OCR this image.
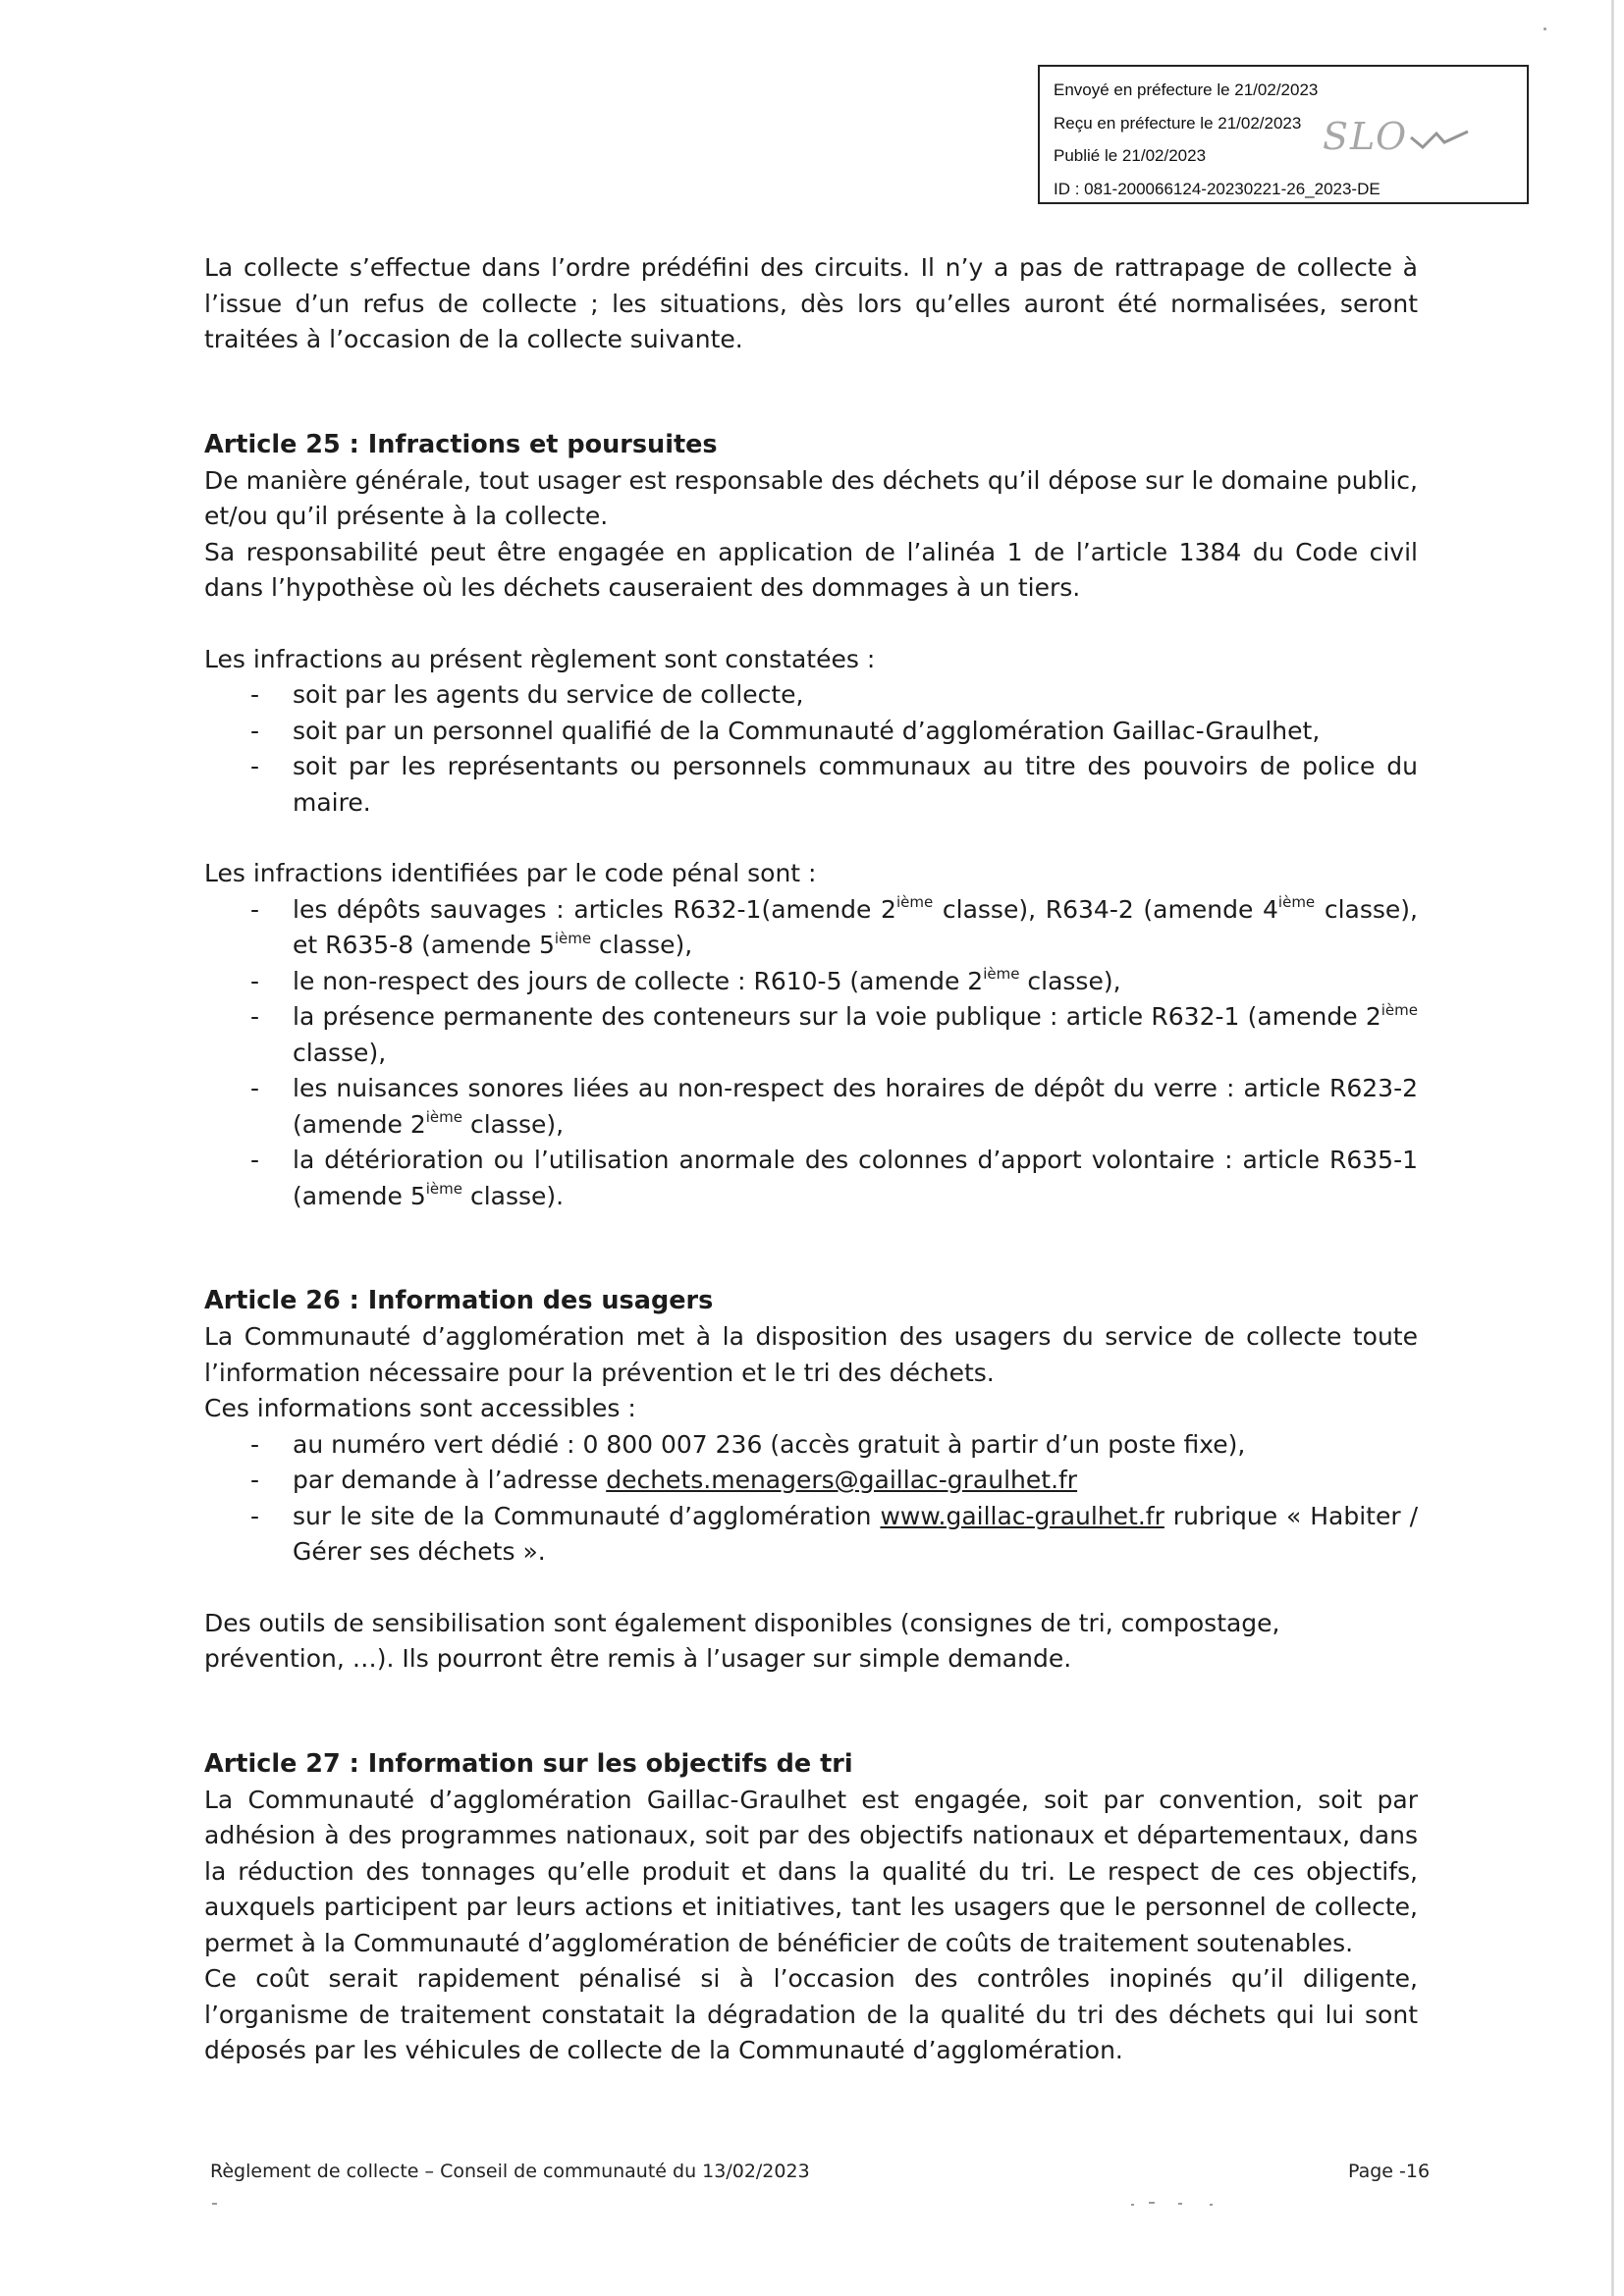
Envoyé en préfecture le 21/02/2023
Reçu en préfecture le 21/02/2023
Publié le 21/02/2023
ID : 081-200066124-20230221-26_2023-DE
S L O

La collecte s’effectue dans l’ordre prédéfini des circuits. Il n’y a pas de rattrapage de collecte à l’issue d’un refus de collecte ; les situations, dès lors qu’elles auront été normalisées, seront traitées à l’occasion de la collecte suivante.

Article 25 : Infractions et poursuites

De manière générale, tout usager est responsable des déchets qu’il dépose sur le domaine public, et/ou qu’il présente à la collecte.

Sa responsabilité peut être engagée en application de l’alinéa 1 de l’article 1384 du Code civil dans l’hypothèse où les déchets causeraient des dommages à un tiers.

Les infractions au présent règlement sont constatées :

- soit par les agents du service de collecte,
- soit par un personnel qualifié de la Communauté d’agglomération Gaillac-Graulhet,
- soit par les représentants ou personnels communaux au titre des pouvoirs de police du maire.

Les infractions identifiées par le code pénal sont :

- les dépôts sauvages : articles R632-1(amende 2ième classe), R634-2 (amende 4ième classe), et R635-8 (amende 5ième classe),
- le non-respect des jours de collecte : R610-5 (amende 2ième classe),
- la présence permanente des conteneurs sur la voie publique : article R632-1 (amende 2ième classe),
- les nuisances sonores liées au non-respect des horaires de dépôt du verre : article R623-2 (amende 2ième classe),
- la détérioration ou l’utilisation anormale des colonnes d’apport volontaire : article R635-1 (amende 5ième classe).
Article 26 : Information des usagers

La Communauté d’agglomération met à la disposition des usagers du service de collecte toute l’information nécessaire pour la prévention et le tri des déchets.

Ces informations sont accessibles :

- au numéro vert dédié : 0 800 007 236 (accès gratuit à partir d’un poste fixe),
- par demande à l’adresse dechets.menagers@gaillac-graulhet.fr
- sur le site de la Communauté d’agglomération www.gaillac-graulhet.fr rubrique « Habiter / Gérer ses déchets ».

Des outils de sensibilisation sont également disponibles (consignes de tri, compostage, prévention, …). Ils pourront être remis à l’usager sur simple demande.

Article 27 : Information sur les objectifs de tri

La Communauté d’agglomération Gaillac-Graulhet est engagée, soit par convention, soit par adhésion à des programmes nationaux, soit par des objectifs nationaux et départementaux, dans la réduction des tonnages qu’elle produit et dans la qualité du tri. Le respect de ces objectifs, auxquels participent par leurs actions et initiatives, tant les usagers que le personnel de collecte, permet à la Communauté d’agglomération de bénéficier de coûts de traitement soutenables.

Ce coût serait rapidement pénalisé si à l’occasion des contrôles inopinés qu’il diligente, l’organisme de traitement constatait la dégradation de la qualité du tri des déchets qui lui sont déposés par les véhicules de collecte de la Communauté d’agglomération.

Règlement de collecte – Conseil de communauté du 13/02/2023	Page -16
